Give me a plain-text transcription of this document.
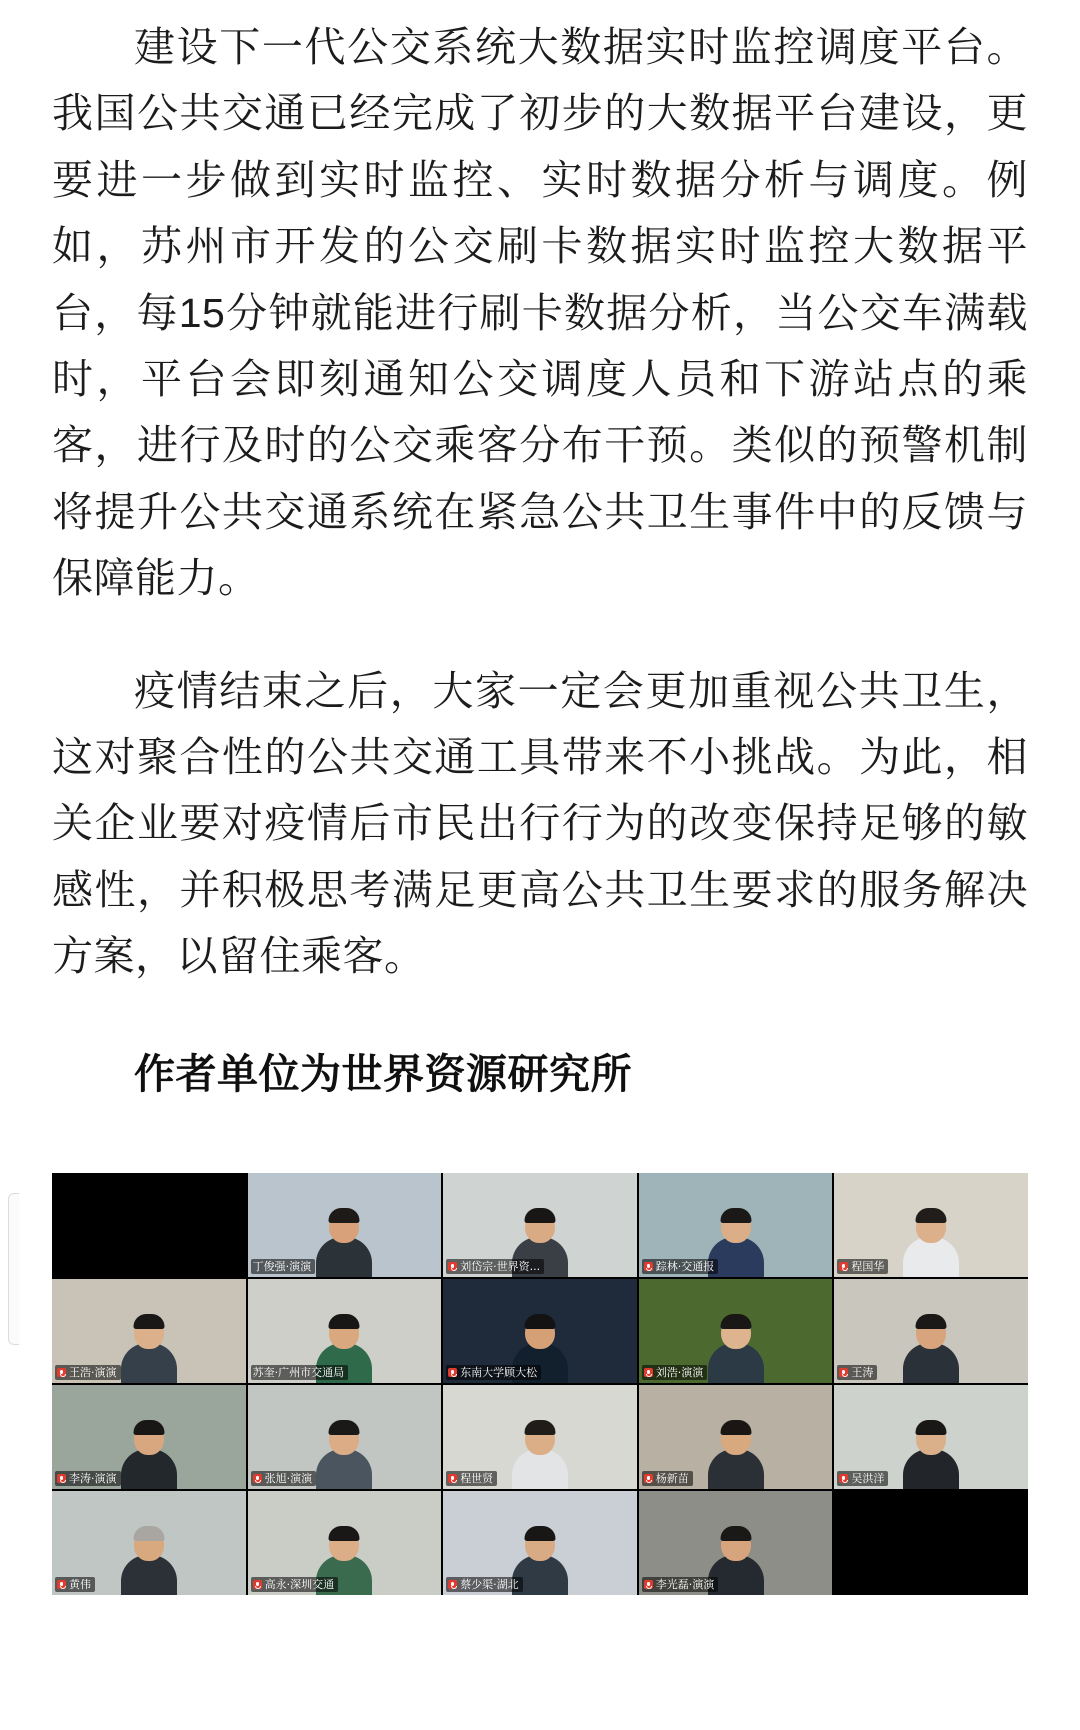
建设下一代公交系统大数据实时监控调度平台。我国公共交通已经完成了初步的大数据平台建设，更要进一步做到实时监控、实时数据分析与调度。例如，苏州市开发的公交刷卡数据实时监控大数据平台，每15分钟就能进行刷卡数据分析，当公交车满载时，平台会即刻通知公交调度人员和下游站点的乘客，进行及时的公交乘客分布干预。类似的预警机制将提升公共交通系统在紧急公共卫生事件中的反馈与保障能力。

疫情结束之后，大家一定会更加重视公共卫生，这对聚合性的公共交通工具带来不小挑战。为此，相关企业要对疫情后市民出行行为的改变保持足够的敏感性，并积极思考满足更高公共卫生要求的服务解决方案，以留住乘客。

作者单位为世界资源研究所

丁俊强·演演	刘岱宗·世界资...	踪林·交通报	程国华
王浩·演演	苏奎·广州市交通局	东南大学顾大松	刘浩·演演	王涛
李涛·演演	张旭·演演	程世贤	杨新苗	吴洪洋
黄伟	高永·深圳交通	蔡少渠·湖北	李光磊·演演
